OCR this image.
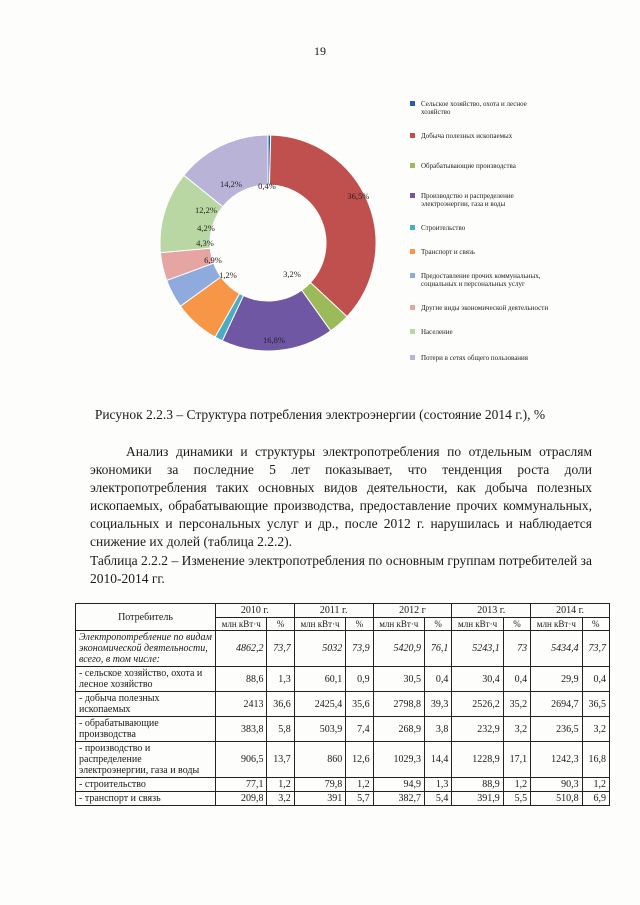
19
0,4%
36,5%
3,2%
16,8%
1,2%
6,9%
4,3%
4,2%
12,2%
14,2%
Сельское хозяйство, охота и лесное хозяйство
Добыча полезных ископаемых
Обрабатывающие производства
Производство и распределение электроэнергии, газа и воды
Строительство
Транспорт и связь
Предоставление прочих коммунальных, социальных и персональных услуг
Другие виды экономической деятельности
Население
Потери в сетях общего пользования
Рисунок 2.2.3 – Структура потребления электроэнергии (состояние 2014 г.), %

Анализ динамики и структуры электропотребления по отдельным отраслям экономики за последние 5 лет показывает, что тенденция роста доли электропотребления таких основных видов деятельности, как добыча полезных ископаемых, обрабатывающие производства, предоставление прочих коммунальных, социальных и персональных услуг и др., после 2012 г. нарушилась и наблюдается снижение их долей (таблица 2.2.2).

Таблица 2.2.2 – Изменение электропотребления по основным группам потребителей за 2010-2014 гг.
Потребитель	2010 г.		2011 г.		2012 г		2013 г.		2014 г.	
	млн кВт·ч	%	млн кВт·ч	%	млн кВт·ч	%	млн кВт·ч	%	млн кВт·ч	%
Электропотребление по видам экономической деятельности, всего, в том числе:	4862,2	73,7	5032	73,9	5420,9	76,1	5243,1	73	5434,4	73,7
- сельское хозяйство, охота и лесное хозяйство	88,6	1,3	60,1	0,9	30,5	0,4	30,4	0,4	29,9	0,4
- добыча полезных ископаемых	2413	36,6	2425,4	35,6	2798,8	39,3	2526,2	35,2	2694,7	36,5
- обрабатывающие производства	383,8	5,8	503,9	7,4	268,9	3,8	232,9	3,2	236,5	3,2
- производство и распределение электроэнергии, газа и воды	906,5	13,7	860	12,6	1029,3	14,4	1228,9	17,1	1242,3	16,8
- строительство	77,1	1,2	79,8	1,2	94,9	1,3	88,9	1,2	90,3	1,2
- транспорт и связь	209,8	3,2	391	5,7	382,7	5,4	391,9	5,5	510,8	6,9
